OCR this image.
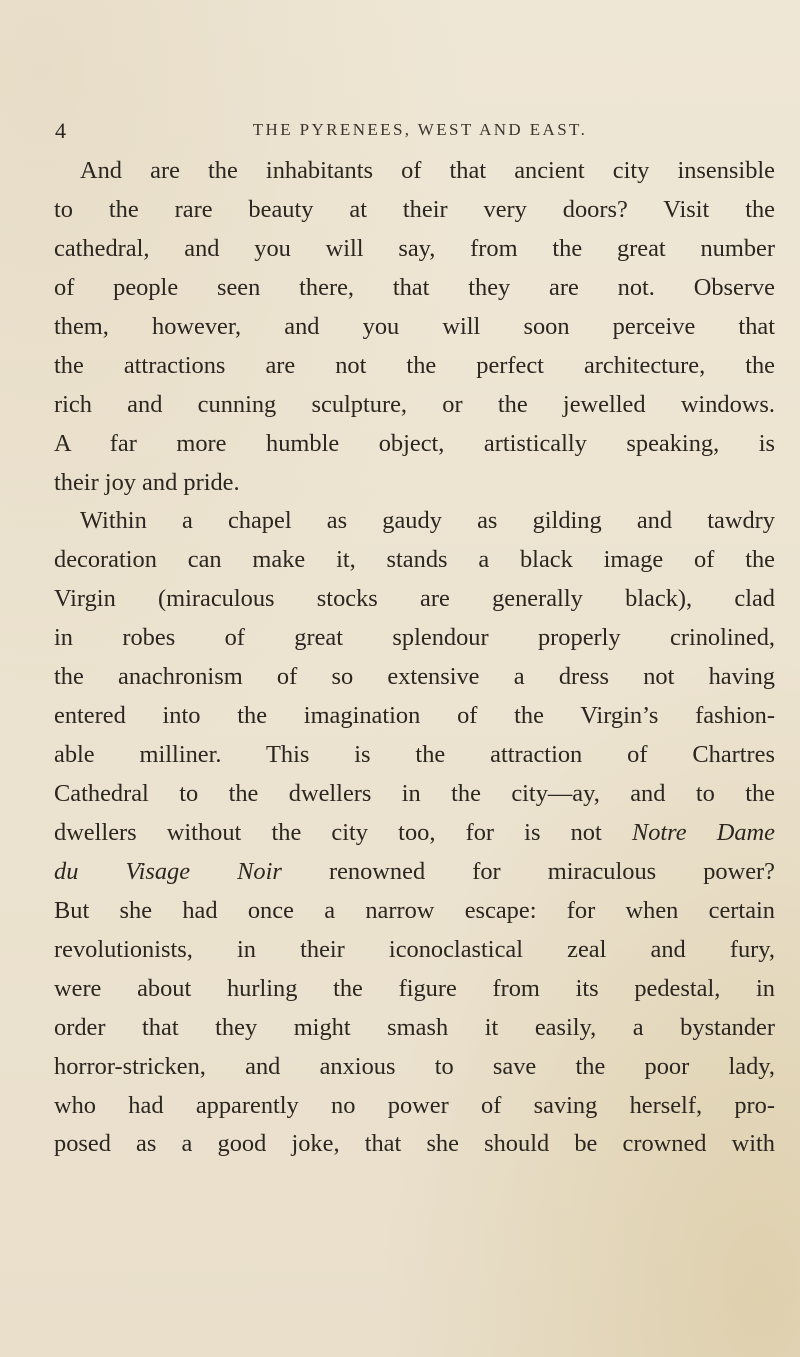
4	THE PYRENEES, WEST AND EAST.
And are the inhabitants of that ancient city insensible
to the rare beauty at their very doors? Visit the
cathedral, and you will say, from the great number
of people seen there, that they are not. Observe
them, however, and you will soon perceive that
the attractions are not the perfect architecture, the
rich and cunning sculpture, or the jewelled windows.
A far more humble object, artistically speaking, is
their joy and pride.
Within a chapel as gaudy as gilding and tawdry
decoration can make it, stands a black image of the
Virgin (miraculous stocks are generally black), clad
in robes of great splendour properly crinolined,
the anachronism of so extensive a dress not having
entered into the imagination of the Virgin’s fashion-
able milliner. This is the attraction of Chartres
Cathedral to the dwellers in the city—ay, and to the
dwellers without the city too, for is not Notre Dame
du Visage Noir renowned for miraculous power?
But she had once a narrow escape: for when certain
revolutionists, in their iconoclastical zeal and fury,
were about hurling the figure from its pedestal, in
order that they might smash it easily, a bystander
horror-stricken, and anxious to save the poor lady,
who had apparently no power of saving herself, pro-
posed as a good joke, that she should be crowned with
